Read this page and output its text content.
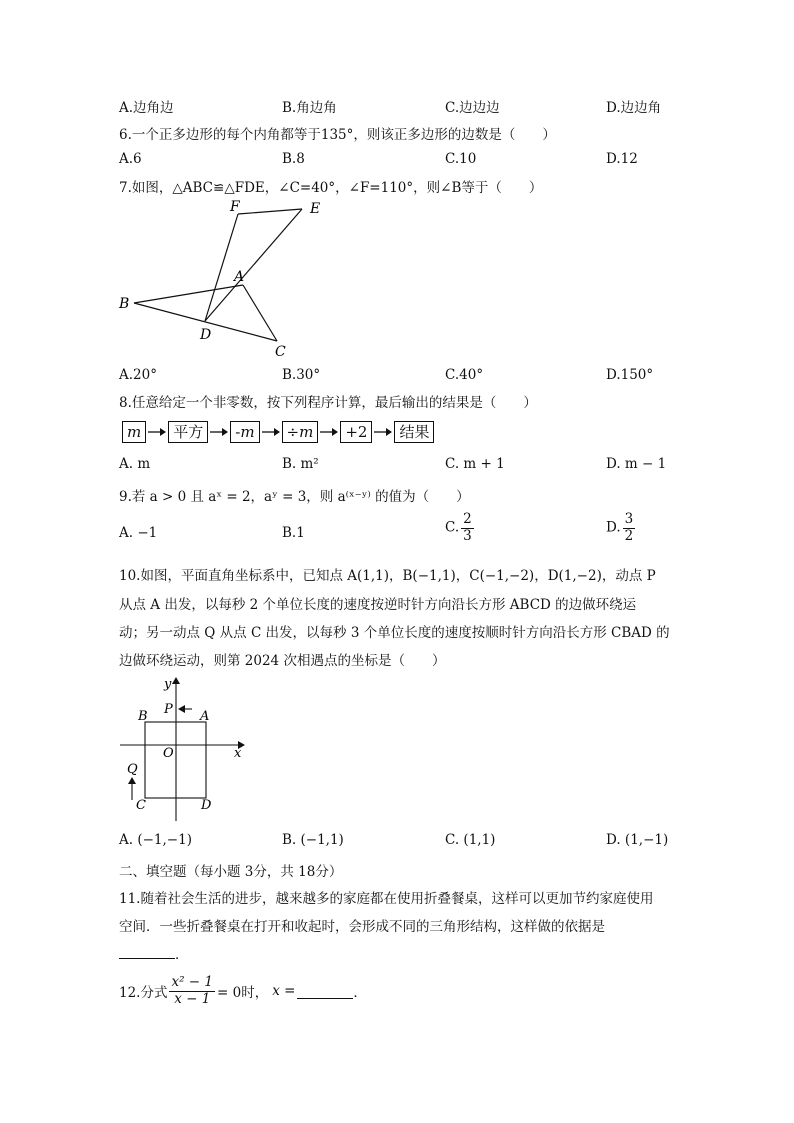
A.边角边	B.角边角	C.边边边	D.边边角
6.一个正多边形的每个内角都等于135°，则该正多边形的边数是（　　）
A.6	B.8	C.10	D.12
7.如图，△ABC≌△FDE，∠C=40°，∠F=110°，则∠B等于（　　）
F	E
A
B
D
C
A.20°	B.30°	C.40°	D.150°
8.任意给定一个非零数，按下列程序计算，最后输出的结果是（　　）
m	平方	-m	÷m	+2	结果
A. m	B. m²	C. m + 1	D. m − 1
9.若 a > 0 且 aˣ = 2，aʸ = 3，则 a⁽ˣ⁻ʸ⁾ 的值为（　　）
A. −1	B.1	C. $\frac{2}{3}$	D. $\frac{3}{2}$
10.如图，平面直角坐标系中，已知点 A(1,1)，B(−1,1)，C(−1,−2)，D(1,−2)，动点 P
从点 A 出发，以每秒 2 个单位长度的速度按逆时针方向沿长方形 ABCD 的边做环绕运
动；另一动点 Q 从点 C 出发，以每秒 3 个单位长度的速度按顺时针方向沿长方形 CBAD 的
边做环绕运动，则第 2024 次相遇点的坐标是（　　）
y
x
O
B	A
P
C	D
Q
A. (−1,−1)	B. (−1,1)	C. (1,1)	D. (1,−1)
二、填空题（每小题 3分，共 18分）
11.随着社会生活的进步，越来越多的家庭都在使用折叠餐桌，这样可以更加节约家庭使用
空间．一些折叠餐桌在打开和收起时，会形成不同的三角形结构，这样做的依据是
．
12.分式 $\frac{\text{x² − 1}}{x - 1} = 0$时， x =	．
